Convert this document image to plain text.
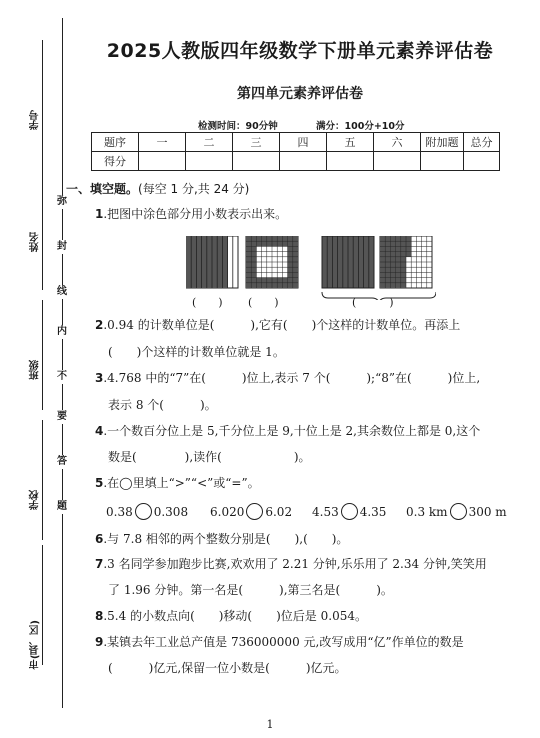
学号
姓名
班级
学校
市(县、区)
弥
封
线
内
不
要
答
题
2025人教版四年级数学下册单元素养评估卷
第四单元素养评估卷
检测时间：90分钟	满分：100分+10分
题序	一	二	三	四	五	六	附加题	总分
得分								
一、填空题。(每空 1 分,共 24 分)
1.把图中涂色部分用小数表示出来。
(　　) (　　)	(　　　)
2.0.94 的计数单位是(　　　),它有(　　)个这样的计数单位。再添上
(　　)个这样的计数单位就是 1。
3.4.768 中的“7”在(　　　)位上,表示 7 个(　　　);“8”在(　　　)位上,
表示 8 个(　　　)。
4.一个数百分位上是 5,千分位上是 9,十位上是 2,其余数位上都是 0,这个
数是(　　　　),读作(　　　　　　)。
5.在◯里填上“>”“<”或“=”。
0.38 0.308 6.020 6.02 4.53 4.35 0.3 km 300 m
6.与 7.8 相邻的两个整数分别是(　　),(　　)。
7.3 名同学参加跑步比赛,欢欢用了 2.21 分钟,乐乐用了 2.34 分钟,笑笑用
了 1.96 分钟。第一名是(　　　),第三名是(　　　)。
8.5.4 的小数点向(　　)移动(　　)位后是 0.054。
9.某镇去年工业总产值是 736000000 元,改写成用“亿”作单位的数是
(　　　)亿元,保留一位小数是(　　　)亿元。
1
